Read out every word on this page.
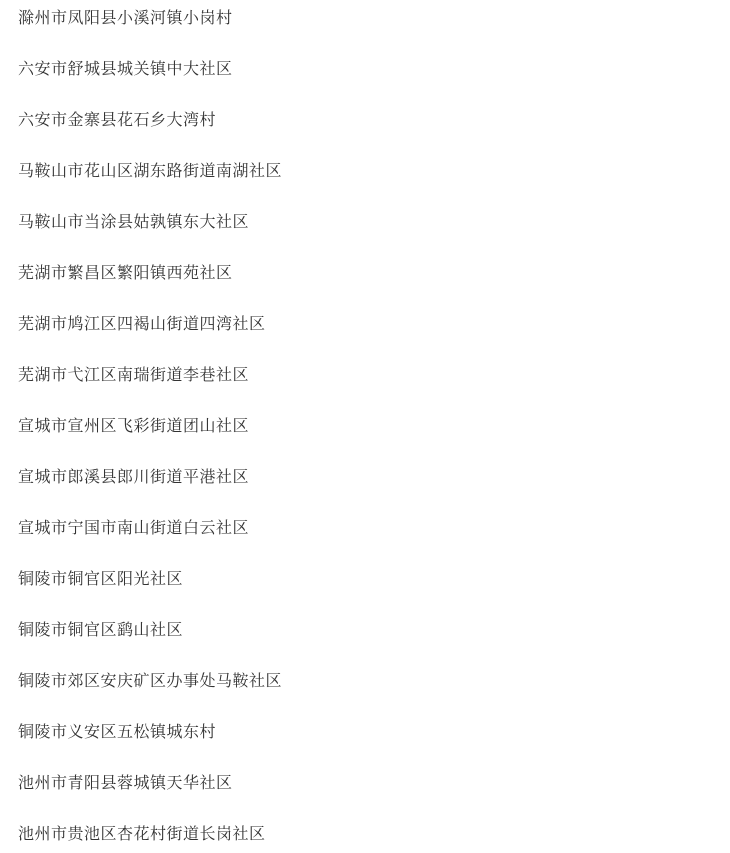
滁州市凤阳县小溪河镇小岗村
六安市舒城县城关镇中大社区
六安市金寨县花石乡大湾村
马鞍山市花山区湖东路街道南湖社区
马鞍山市当涂县姑孰镇东大社区
芜湖市繁昌区繁阳镇西苑社区
芜湖市鸠江区四褐山街道四湾社区
芜湖市弋江区南瑞街道李巷社区
宣城市宣州区飞彩街道团山社区
宣城市郎溪县郎川街道平港社区
宣城市宁国市南山街道白云社区
铜陵市铜官区阳光社区
铜陵市铜官区鹞山社区
铜陵市郊区安庆矿区办事处马鞍社区
铜陵市义安区五松镇城东村
池州市青阳县蓉城镇天华社区
池州市贵池区杏花村街道长岗社区
